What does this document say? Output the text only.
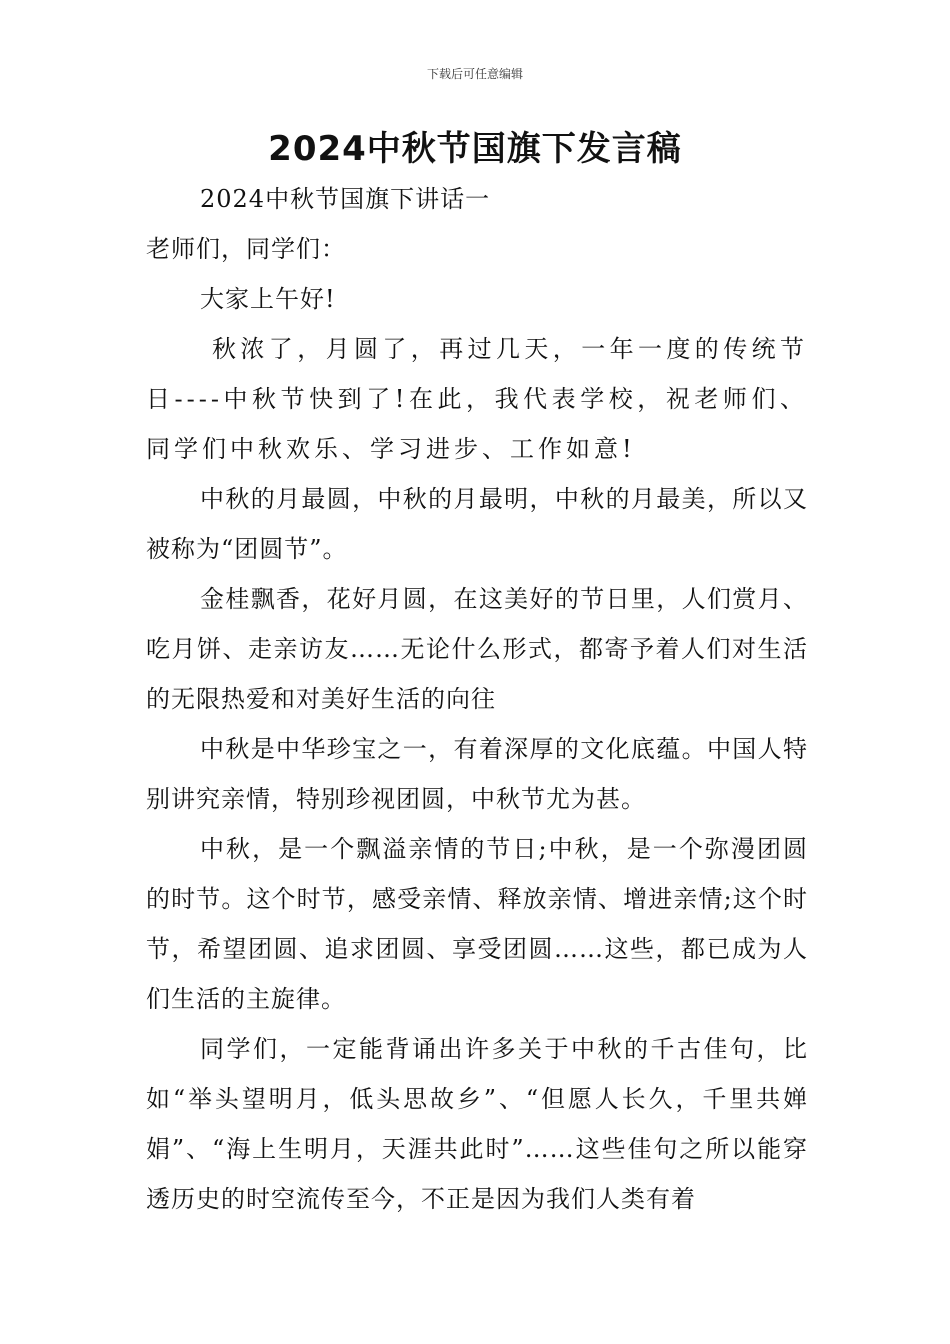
下载后可任意编辑
2024中秋节国旗下发言稿

2024中秋节国旗下讲话一

老师们，同学们：

大家上午好!

秋浓了，月圆了，再过几天，一年一度的传统节日----中秋节快到了!在此，我代表学校，祝老师们、同学们中秋欢乐、学习进步、工作如意!

中秋的月最圆，中秋的月最明，中秋的月最美，所以又被称为“团圆节”。

金桂飘香，花好月圆，在这美好的节日里，人们赏月、吃月饼、走亲访友……无论什么形式，都寄予着人们对生活的无限热爱和对美好生活的向往

中秋是中华珍宝之一，有着深厚的文化底蕴。中国人特别讲究亲情，特别珍视团圆，中秋节尤为甚。

中秋，是一个飘溢亲情的节日;中秋，是一个弥漫团圆的时节。这个时节，感受亲情、释放亲情、增进亲情;这个时节，希望团圆、追求团圆、享受团圆……这些，都已成为人们生活的主旋律。

同学们，一定能背诵出许多关于中秋的千古佳句，比如“举头望明月，低头思故乡”、“但愿人长久，千里共婵娟”、“海上生明月，天涯共此时”……这些佳句之所以能穿透历史的时空流传至今，不正是因为我们人类有着
